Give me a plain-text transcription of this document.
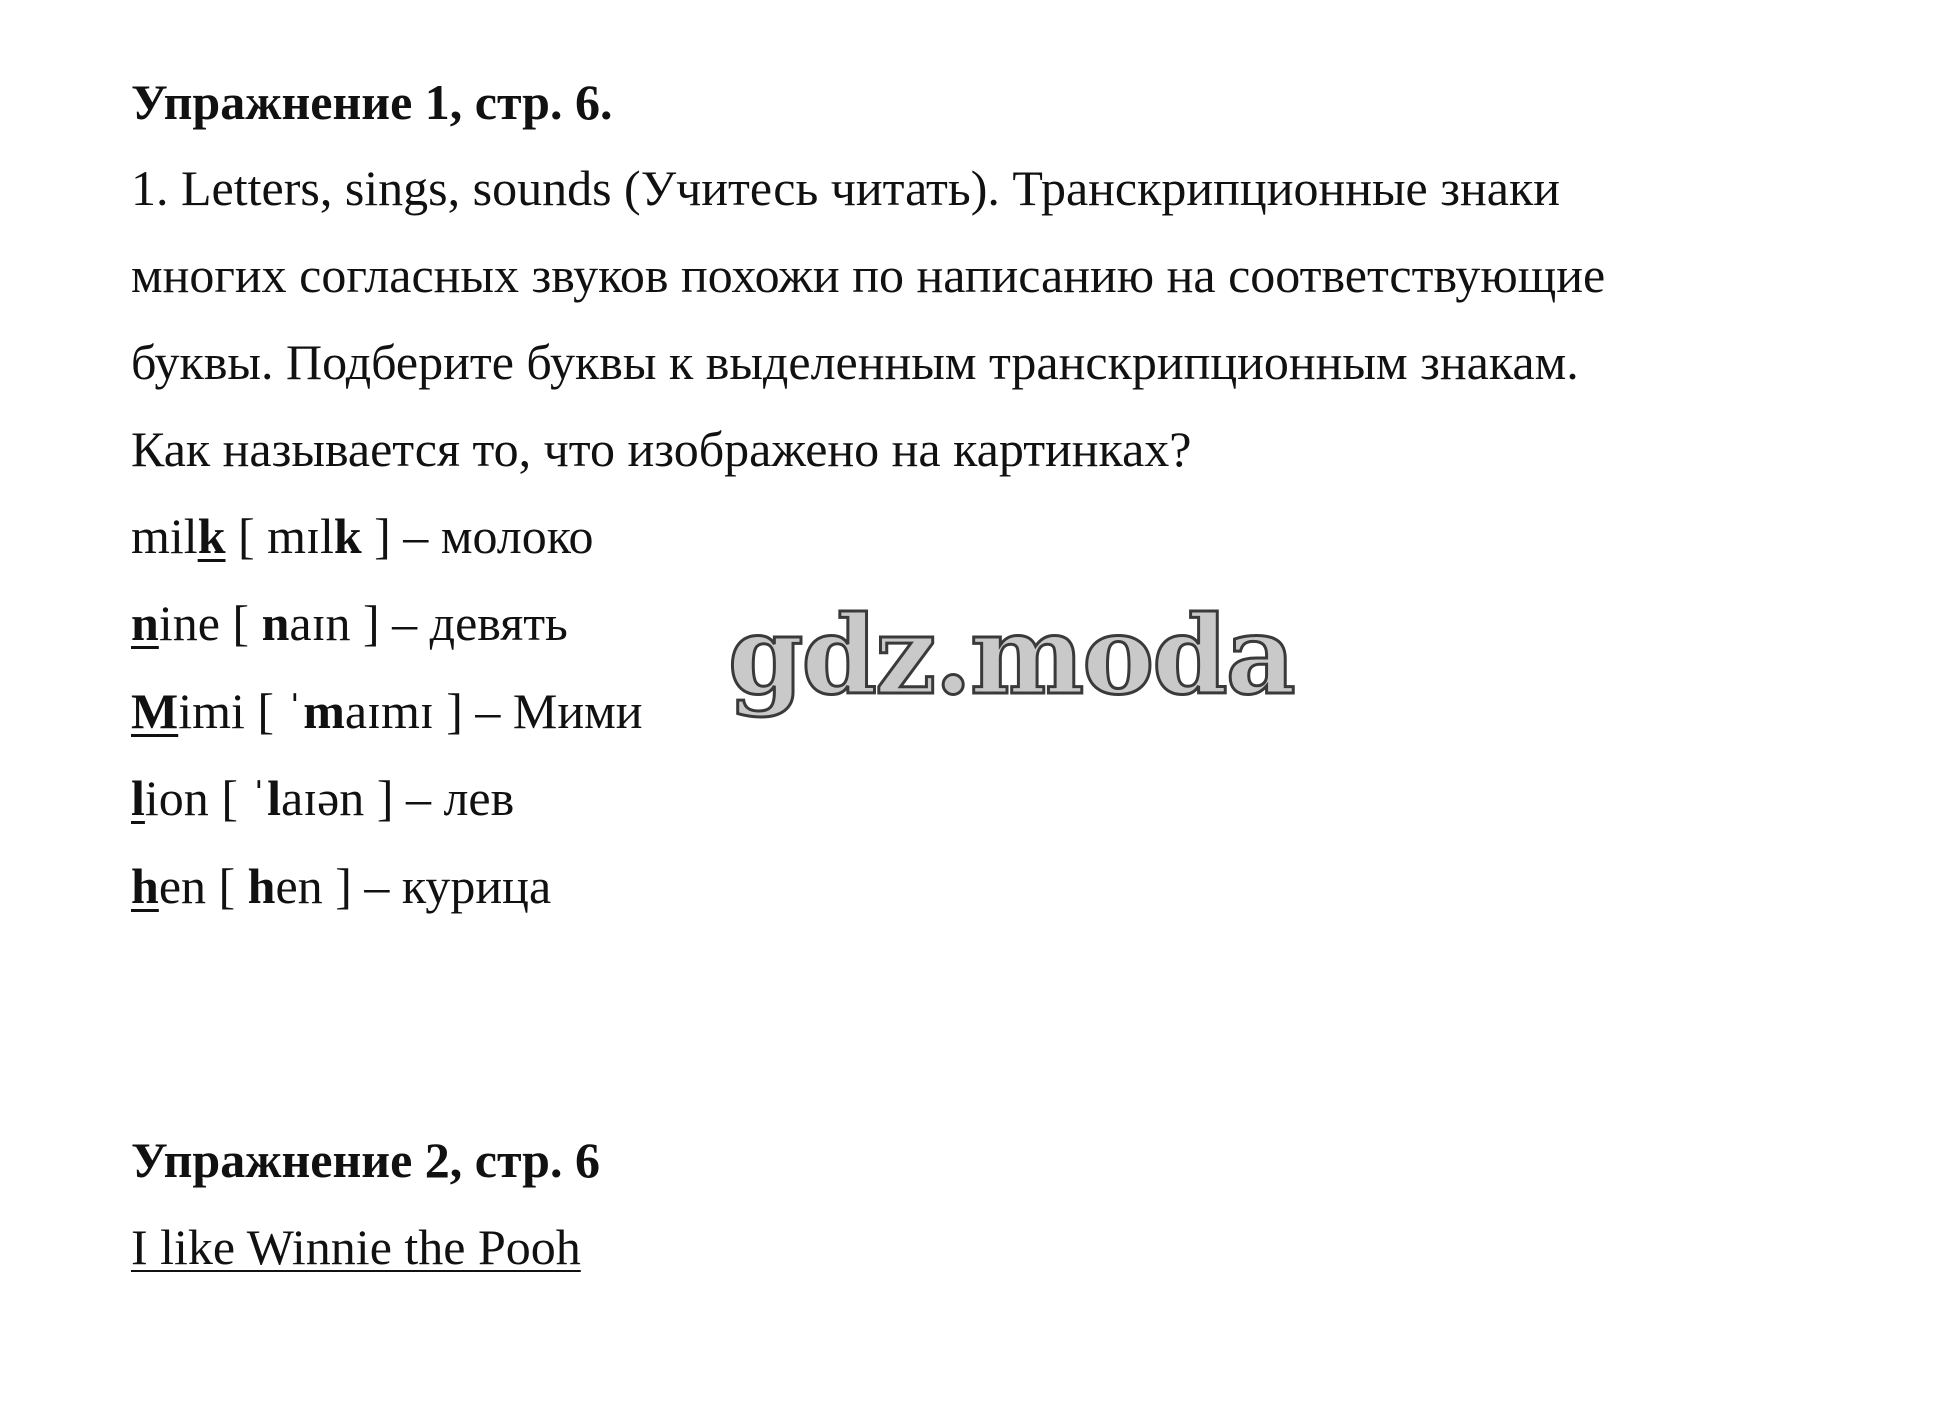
Упражнение 1, стр. 6.
1. Letters, sings, sounds (Учитесь читать). Транскрипционные знаки
многих согласных звуков похожи по написанию на соответствующие
буквы. Подберите буквы к выделенным транскрипционным знакам.
Как называется то, что изображено на картинках?
milk [ mɪlk ] – молоко
nine [ naɪn ] – девять
Mimi [ ˈmaɪmɪ ] – Мими
lion [ ˈlaɪən ] – лев
hen [ hen ] – курица
Упражнение 2, стр. 6
I like Winnie the Pooh
gdz.moda
